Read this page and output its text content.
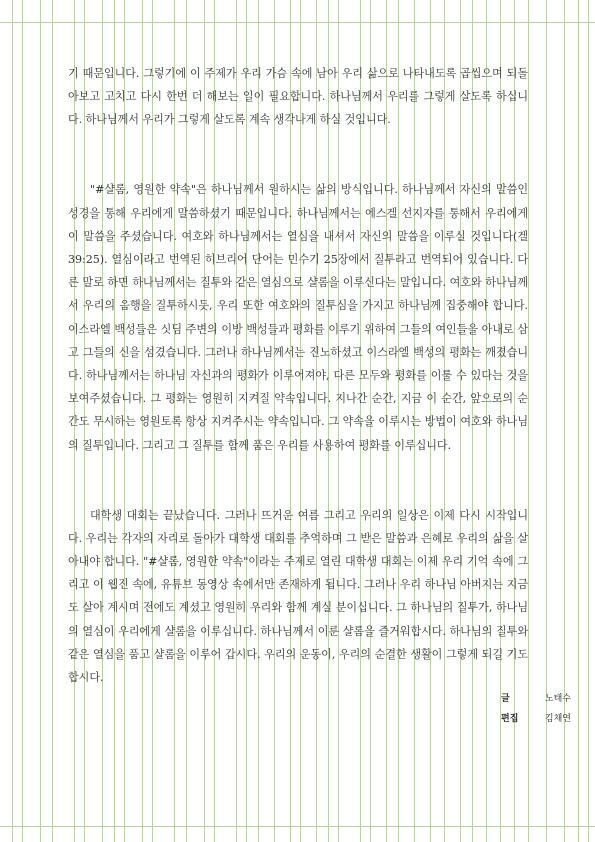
기 때문입니다. 그렇기에 이 주제가 우리 가슴 속에 남아 우리 삶으로 나타내도록 곱씹으며 되돌아보고 고치고 다시 한번 더 해보는 일이 필요합니다. 하나님께서 우리를 그렇게 살도록 하십니다. 하나님께서 우리가 그렇게 살도록 계속 생각나게 하실 것입니다.

"#샬롬, 영원한 약속"은 하나님께서 원하시는 삶의 방식입니다. 하나님께서 자신의 말씀인 성경을 통해 우리에게 말씀하셨기 때문입니다. 하나님께서는 에스겔 선지자를 통해서 우리에게 이 말씀을 주셨습니다. 여호와 하나님께서는 열심을 내셔서 자신의 말씀을 이루실 것입니다(겔 39:25). 열심이라고 번역된 히브리어 단어는 민수기 25장에서 질투라고 번역되어 있습니다. 다른 말로 하면 하나님께서는 질투와 같은 열심으로 샬롬을 이루신다는 말입니다. 여호와 하나님께서 우리의 음행을 질투하시듯, 우리 또한 여호와의 질투심을 가지고 하나님께 집중해야 합니다. 이스라엘 백성들은 싯딤 주변의 이방 백성들과 평화를 이루기 위하여 그들의 여인들을 아내로 삼고 그들의 신을 섬겼습니다. 그러나 하나님께서는 진노하셨고 이스라엘 백성의 평화는 깨졌습니다. 하나님께서는 하나님 자신과의 평화가 이루어져야, 다른 모두와 평화를 이룰 수 있다는 것을 보여주셨습니다. 그 평화는 영원히 지켜질 약속입니다. 지나간 순간, 지금 이 순간, 앞으로의 순간도 무시하는 영원토록 항상 지켜주시는 약속입니다. 그 약속을 이루시는 방법이 여호와 하나님의 질투입니다. 그리고 그 질투를 함께 품은 우리를 사용하여 평화를 이루십니다.

대학생 대회는 끝났습니다. 그러나 뜨거운 여름 그리고 우리의 일상은 이제 다시 시작입니다. 우리는 각자의 자리로 돌아가 대학생 대회를 추억하며 그 받은 말씀과 은혜로 우리의 삶을 살아내야 합니다. "#샬롬, 영원한 약속"이라는 주제로 열린 대학생 대회는 이제 우리 기억 속에 그리고 이 웹진 속에, 유튜브 동영상 속에서만 존재하게 됩니다. 그러나 우리 하나님 아버지는 지금도 살아 계시며 전에도 계셨고 영원히 우리와 함께 계실 분이십니다. 그 하나님의 질투가, 하나님의 열심이 우리에게 샬롬을 이루십니다. 하나님께서 이룬 샬롬을 즐거워합시다. 하나님의 질투와 같은 열심을 품고 샬롬을 이루어 갑시다. 우리의 운동이, 우리의 순결한 생활이 그렇게 되길 기도합시다.

글	노태수
편집	김채연
